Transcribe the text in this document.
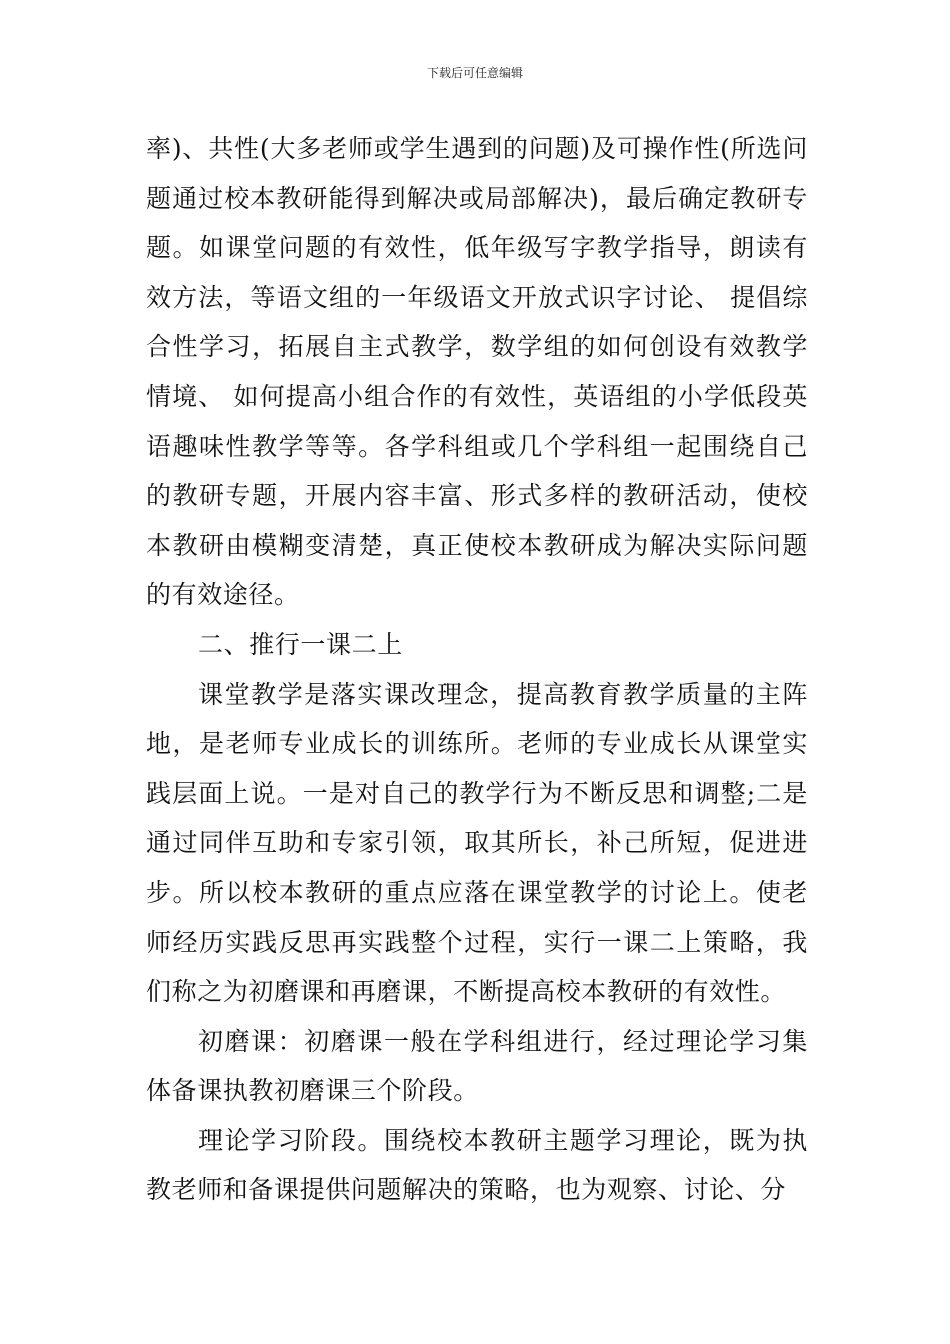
下载后可任意编辑

率)、共性(大多老师或学生遇到的问题)及可操作性(所选问题通过校本教研能得到解决或局部解决)，最后确定教研专题。如课堂问题的有效性，低年级写字教学指导，朗读有效方法，等语文组的一年级语文开放式识字讨论、 提倡综合性学习，拓展自主式教学，数学组的如何创设有效教学情境、 如何提高小组合作的有效性，英语组的小学低段英语趣味性教学等等。各学科组或几个学科组一起围绕自己的教研专题，开展内容丰富、形式多样的教研活动，使校本教研由模糊变清楚，真正使校本教研成为解决实际问题的有效途径。

二、推行一课二上

课堂教学是落实课改理念，提高教育教学质量的主阵地，是老师专业成长的训练所。老师的专业成长从课堂实践层面上说。一是对自己的教学行为不断反思和调整;二是通过同伴互助和专家引领，取其所长，补己所短，促进进步。所以校本教研的重点应落在课堂教学的讨论上。使老师经历实践反思再实践整个过程，实行一课二上策略，我们称之为初磨课和再磨课，不断提高校本教研的有效性。

初磨课：初磨课一般在学科组进行，经过理论学习集体备课执教初磨课三个阶段。

理论学习阶段。围绕校本教研主题学习理论，既为执教老师和备课提供问题解决的策略，也为观察、讨论、分
